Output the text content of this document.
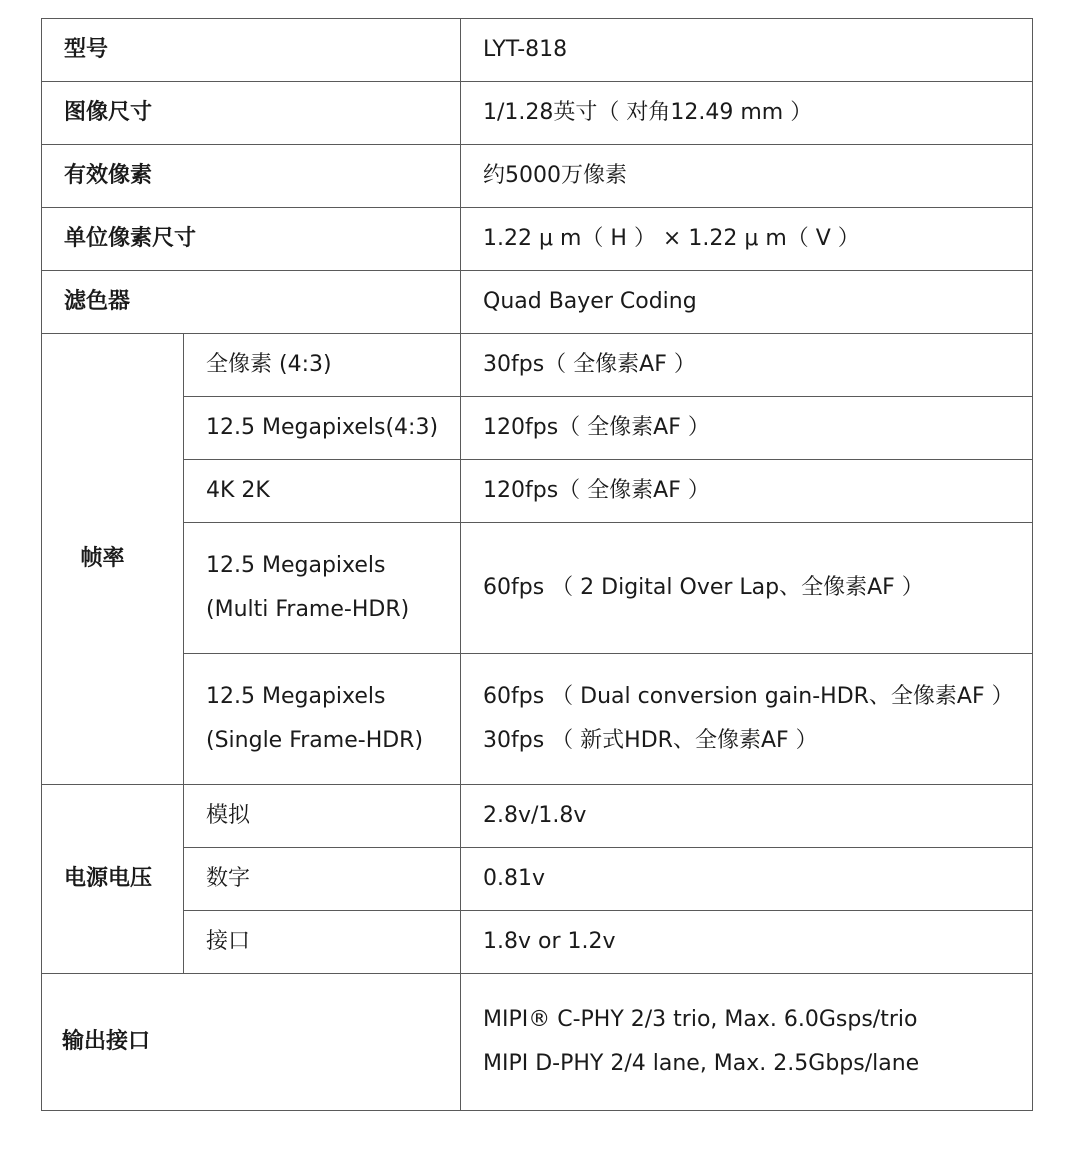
型号		LYT-818
图像尺寸		1/1.28英寸（ 对角12.49 mm ）
有效像素		约5000万像素
单位像素尺寸		1.22 μ m（ H ） × 1.22 μ m（ V ）
滤色器		Quad Bayer Coding
帧率	全像素 (4:3)	30fps（ 全像素AF ）

	12.5 Megapixels(4:3)	120fps（ 全像素AF ）

	4K 2K	120fps（ 全像素AF ）

	12.5 Megapixels
(Multi Frame-HDR)	60fps （ 2 Digital Over Lap、全像素AF ）

	12.5 Megapixels
(Single Frame-HDR)	60fps （ Dual conversion gain-HDR、全像素AF ）
30fps （ 新式HDR、全像素AF ）

电源电压	模拟	2.8v/1.8v
	数字	0.81v
	接口	1.8v or 1.2v
输出接口		MIPI® C-PHY 2/3 trio, Max. 6.0Gsps/trio
MIPI D-PHY 2/4 lane, Max. 2.5Gbps/lane
